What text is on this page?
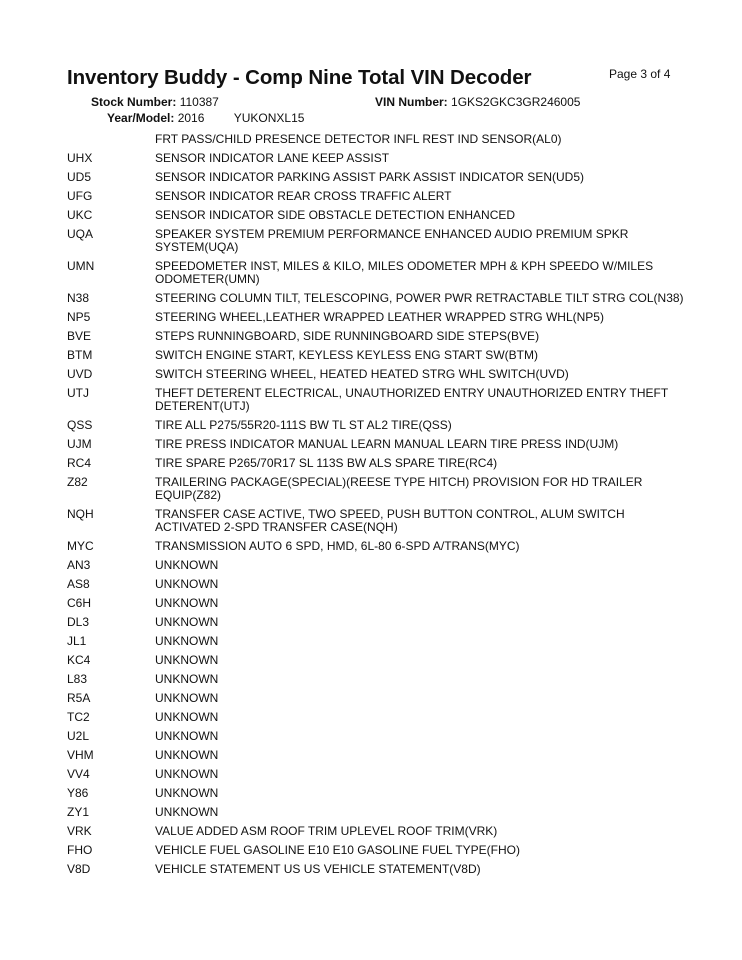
Inventory Buddy - Comp Nine Total VIN Decoder	Page 3 of 4
Stock Number: 110387	VIN Number: 1GKS2GKC3GR246005
Year/Model: 2016 YUKONXL15
FRT PASS/CHILD PRESENCE DETECTOR INFL REST IND SENSOR(AL0)
UHX	SENSOR INDICATOR LANE KEEP ASSIST
UD5	SENSOR INDICATOR PARKING ASSIST PARK ASSIST INDICATOR SEN(UD5)
UFG	SENSOR INDICATOR REAR CROSS TRAFFIC ALERT
UKC	SENSOR INDICATOR SIDE OBSTACLE DETECTION ENHANCED
UQA	SPEAKER SYSTEM PREMIUM PERFORMANCE ENHANCED AUDIO PREMIUM SPKR SYSTEM(UQA)
UMN	SPEEDOMETER INST, MILES & KILO, MILES ODOMETER MPH & KPH SPEEDO W/MILES ODOMETER(UMN)
N38	STEERING COLUMN TILT, TELESCOPING, POWER PWR RETRACTABLE TILT STRG COL(N38)
NP5	STEERING WHEEL,LEATHER WRAPPED LEATHER WRAPPED STRG WHL(NP5)
BVE	STEPS RUNNINGBOARD, SIDE RUNNINGBOARD SIDE STEPS(BVE)
BTM	SWITCH ENGINE START, KEYLESS KEYLESS ENG START SW(BTM)
UVD	SWITCH STEERING WHEEL, HEATED HEATED STRG WHL SWITCH(UVD)
UTJ	THEFT DETERENT ELECTRICAL, UNAUTHORIZED ENTRY UNAUTHORIZED ENTRY THEFT DETERENT(UTJ)
QSS	TIRE ALL P275/55R20-111S BW TL ST AL2 TIRE(QSS)
UJM	TIRE PRESS INDICATOR MANUAL LEARN MANUAL LEARN TIRE PRESS IND(UJM)
RC4	TIRE SPARE P265/70R17 SL 113S BW ALS SPARE TIRE(RC4)
Z82	TRAILERING PACKAGE(SPECIAL)(REESE TYPE HITCH) PROVISION FOR HD TRAILER EQUIP(Z82)
NQH	TRANSFER CASE ACTIVE, TWO SPEED, PUSH BUTTON CONTROL, ALUM SWITCH ACTIVATED 2-SPD TRANSFER CASE(NQH)
MYC	TRANSMISSION AUTO 6 SPD, HMD, 6L-80 6-SPD A/TRANS(MYC)
AN3	UNKNOWN
AS8	UNKNOWN
C6H	UNKNOWN
DL3	UNKNOWN
JL1	UNKNOWN
KC4	UNKNOWN
L83	UNKNOWN
R5A	UNKNOWN
TC2	UNKNOWN
U2L	UNKNOWN
VHM	UNKNOWN
VV4	UNKNOWN
Y86	UNKNOWN
ZY1	UNKNOWN
VRK	VALUE ADDED ASM ROOF TRIM UPLEVEL ROOF TRIM(VRK)
FHO	VEHICLE FUEL GASOLINE E10 E10 GASOLINE FUEL TYPE(FHO)
V8D	VEHICLE STATEMENT US US VEHICLE STATEMENT(V8D)
